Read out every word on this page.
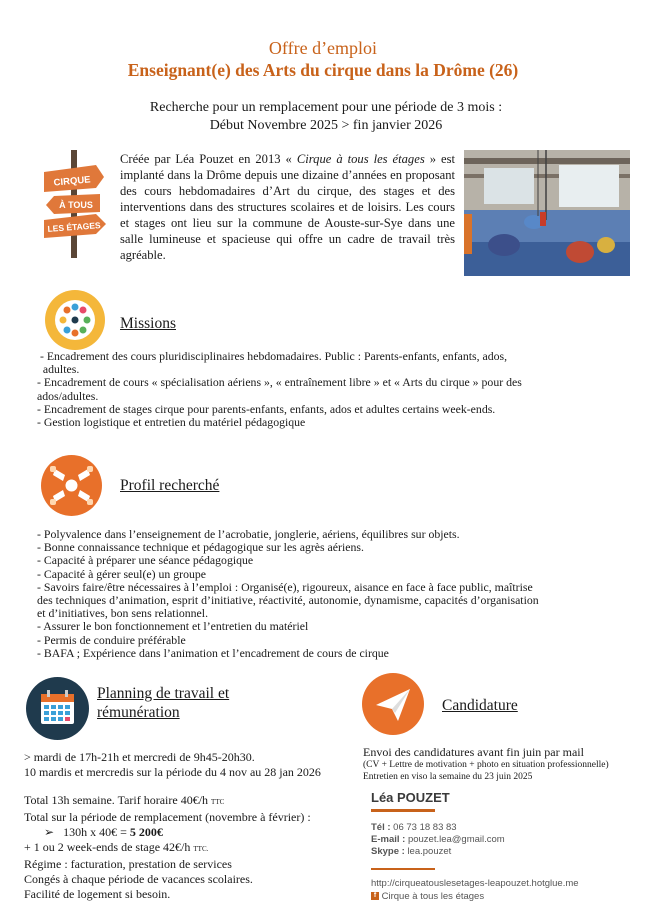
Offre d’emploi
Enseignant(e) des Arts du cirque dans la Drôme (26)
Recherche pour un remplacement pour une période de 3 mois :
Début Novembre 2025 > fin janvier 2026
CIRQUE
À TOUS
LES ÉTAGES
Créée par Léa Pouzet en 2013 « Cirque à tous les étages » est implanté dans la Drôme depuis une dizaine d’années en proposant des cours hebdomadaires d’Art du cirque, des stages et des interventions dans des structures scolaires et de loisirs. Les cours et stages ont lieu sur la commune de Aouste-sur-Sye dans une salle lumineuse et spacieuse qui offre un cadre de travail très agréable.
Missions
- Encadrement des cours pluridisciplinaires hebdomadaires. Public : Parents-enfants, enfants, ados,
adultes.
- Encadrement de cours « spécialisation aériens », « entraînement libre » et « Arts du cirque » pour des
ados/adultes.
- Encadrement de stages cirque pour parents-enfants, enfants, ados et adultes certains week-ends.
- Gestion logistique et entretien du matériel pédagogique
Profil recherché
- Polyvalence dans l’enseignement de l’acrobatie, jonglerie, aériens, équilibres sur objets.
- Bonne connaissance technique et pédagogique sur les agrès aériens.
- Capacité à préparer une séance pédagogique
- Capacité à gérer seul(e) un groupe
- Savoirs faire/être nécessaires à l’emploi : Organisé(e), rigoureux, aisance en face à face public, maîtrise
des techniques d’animation, esprit d’initiative, réactivité, autonomie, dynamisme, capacités d’organisation
et d’initiatives, bon sens relationnel.
- Assurer le bon fonctionnement et l’entretien du matériel
- Permis de conduire préférable
- BAFA ; Expérience dans l’animation et l’encadrement de cours de cirque
Planning de travail et
rémunération
> mardi de 17h-21h et mercredi de 9h45-20h30.
10 mardis et mercredis sur la période du 4 nov au 28 jan 2026
Total 13h semaine. Tarif horaire 40€/h TTC
Total sur la période de remplacement (novembre à février) :
➢ 130h x 40€ = 5 200€
+ 1 ou 2 week-ends de stage 42€/h TTC.
Régime : facturation, prestation de services
Congés à chaque période de vacances scolaires.
Facilité de logement si besoin.
Candidature
Envoi des candidatures avant fin juin par mail
(CV + Lettre de motivation + photo en situation professionnelle)
Entretien en viso la semaine du 23 juin 2025
Léa POUZET
Tél : 06 73 18 83 83
E-mail : pouzet.lea@gmail.com
Skype : lea.pouzet
http://cirqueatouslesetages-leapouzet.hotglue.me
f Cirque à tous les étages
